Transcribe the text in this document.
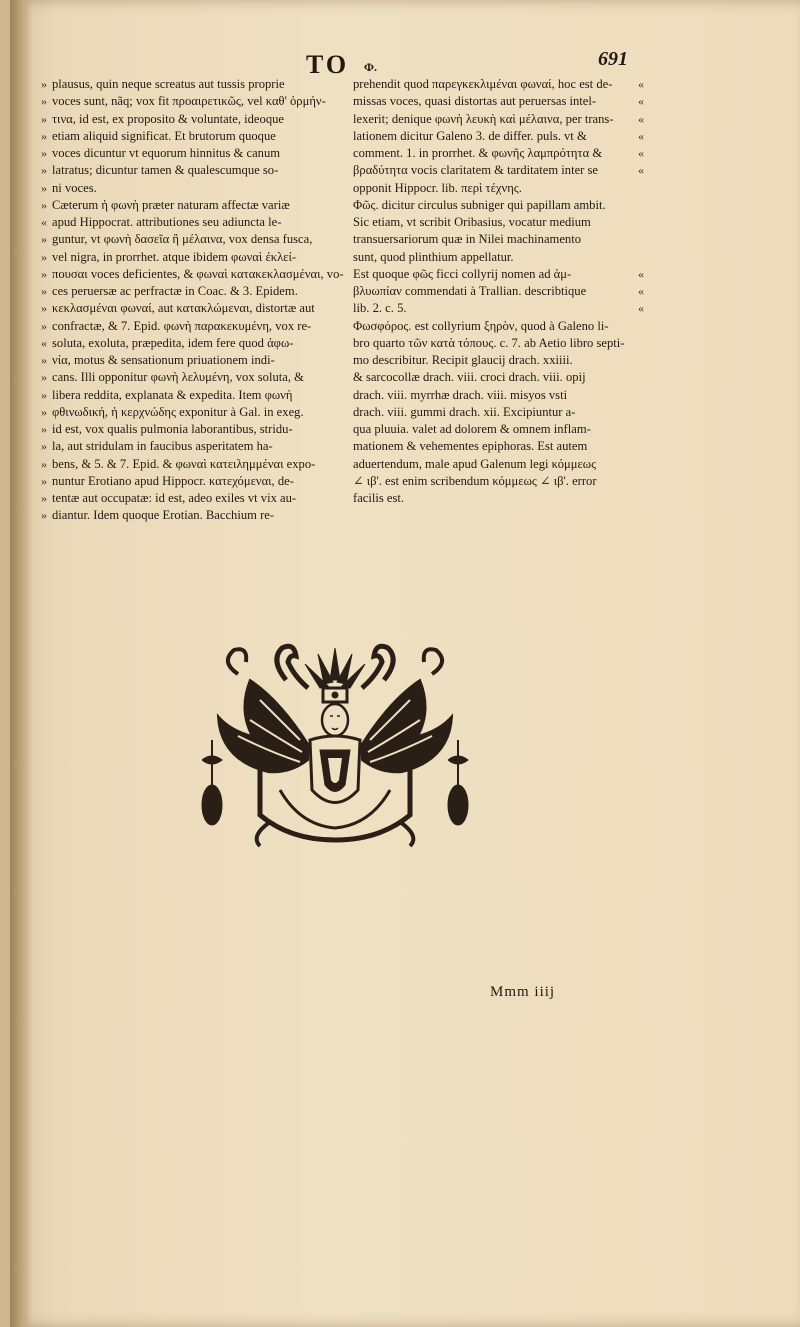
TO Φ.	691
»
»
»
»
»
»
»
»
«
»
»
»
»
»
»
«
»
»
»
»
»
»
»
»
»
»
plausus, quin neque screatus aut tussis proprie
voces sunt, nãq; vox fit προαιρετικῶς, vel καθ' ὁρμήν-
τινα, id est, ex proposito & voluntate, ideoque
etiam aliquid significat. Et brutorum quoque
voces dicuntur vt equorum hinnitus & canum
latratus; dicuntur tamen & qualescumque so-
ni voces.
Cæterum ἡ φωνὴ præter naturam affectæ variæ
apud Hippocrat. attributiones seu adiuncta le-
guntur, vt φωνὴ δασεῖα ἢ μέλαινα, vox densa fusca,
vel nigra, in prorrhet. atque ibidem φωναὶ ἐκλεί-
πουσαι voces deficientes, & φωναὶ κατακεκλασμέναι, vo-
ces peruersæ ac perfractæ in Coac. & 3. Epidem.
κεκλασμέναι φωναί, aut κατακλώμεναι, distortæ aut
confractæ, & 7. Epid. φωνὴ παρακεκυμένη, vox re-
soluta, exoluta, præpedita, idem fere quod ἀφω-
νία, motus & sensationum priuationem indi-
cans. Illi opponitur φωνὴ λελυμένη, vox soluta, &
libera reddita, explanata & expedita. Item φωνὴ
φθινωδική, ἡ κερχνώδης exponitur à Gal. in exeg.
id est, vox qualis pulmonia laborantibus, stridu-
la, aut stridulam in faucibus asperitatem ha-
bens, & 5. & 7. Epid. & φωναὶ κατειλημμέναι expo-
nuntur Erotiano apud Hippocr. κατεχόμεναι, de-
tentæ aut occupatæ: id est, adeo exiles vt vix au-
diantur. Idem quoque Erotian. Bacchium re-
prehendit quod παρεγκεκλιμέναι φωναί, hoc est de-
missas voces, quasi distortas aut peruersas intel-
lexerit; denique φωνὴ λευκὴ καὶ μέλαινα, per trans-
lationem dicitur Galeno 3. de differ. puls. vt &
comment. 1. in prorrhet. & φωνῆς λαμπρότητα &
βραδύτητα vocis claritatem & tarditatem inter se
opponit Hippocr. lib. περὶ τέχνης.
Φῶς. dicitur circulus subniger qui papillam ambit.
Sic etiam, vt scribit Oribasius, vocatur medium
transuersariorum quæ in Nilei machinamento
sunt, quod plinthium appellatur.
Est quoque φῶς ficci collyrij nomen ad ἀμ-
βλυωπίαν commendati à Trallian. describtique
lib. 2. c. 5.
Φωσφόρος. est collyrium ξηρὸν, quod à Galeno li-
bro quarto τῶν κατὰ τόπους. c. 7. ab Aetio libro septi-
mo describitur. Recipit glaucij drach. xxiiii.
& sarcocollæ drach. viii. croci drach. viii. opij
drach. viii. myrrhæ drach. viii. misyos vsti
drach. viii. gummi drach. xii. Excipiuntur a-
qua pluuia. valet ad dolorem & omnem inflam-
mationem & vehementes epiphoras. Est autem
aduertendum, male apud Galenum legi κόμμεως
∠ ιβ'. est enim scribendum κόμμεως ∠ ιβ'. error
facilis est.
«
«
«
«
«
«
«
«
«
Mmm iiij
